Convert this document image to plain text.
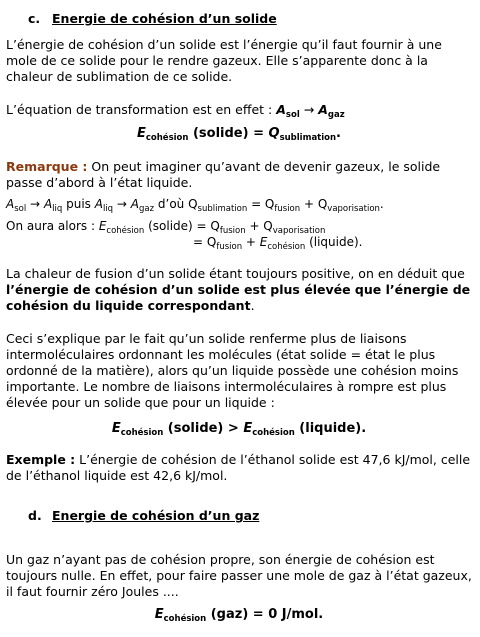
c. Energie de cohésion d’un solide
L’énergie de cohésion d’un solide est l’énergie qu’il faut fournir à une mole de ce solide pour le rendre gazeux. Elle s’apparente donc à la chaleur de sublimation de ce solide.
L’équation de transformation est en effet : $A_{sol} \to A_{gaz}$
$E_{cohésion}$ (solide) = $Q_{sublimation}$.
Remarque : On peut imaginer qu’avant de devenir gazeux, le solide passe d’abord à l’état liquide.
$A_{sol} \to A_{liq}$ puis $A_{liq} \to A_{gaz}$ d’où $Q_{sublimation} = Q_{fusion} + Q_{vaporisation}$.
On aura alors : $E_{cohésion}$ (solide) = $Q_{fusion} + Q_{vaporisation}$
= $Q_{fusion} + E_{cohésion}$ (liquide).
La chaleur de fusion d’un solide étant toujours positive, on en déduit que l’énergie de cohésion d’un solide est plus élevée que l’énergie de cohésion du liquide correspondant.
Ceci s’explique par le fait qu’un solide renferme plus de liaisons intermoléculaires ordonnant les molécules (état solide = état le plus ordonné de la matière), alors qu’un liquide possède une cohésion moins importante. Le nombre de liaisons intermoléculaires à rompre est plus élevée pour un solide que pour un liquide :
$E_{cohésion}$ (solide) > $E_{cohésion}$ (liquide).
Exemple : L’énergie de cohésion de l’éthanol solide est 47,6 kJ/mol, celle de l’éthanol liquide est 42,6 kJ/mol.
d. Energie de cohésion d’un gaz
Un gaz n’ayant pas de cohésion propre, son énergie de cohésion est toujours nulle. En effet, pour faire passer une mole de gaz à l’état gazeux, il faut fournir zéro Joules ....
$E_{cohésion}$ (gaz) = 0 J/mol.
